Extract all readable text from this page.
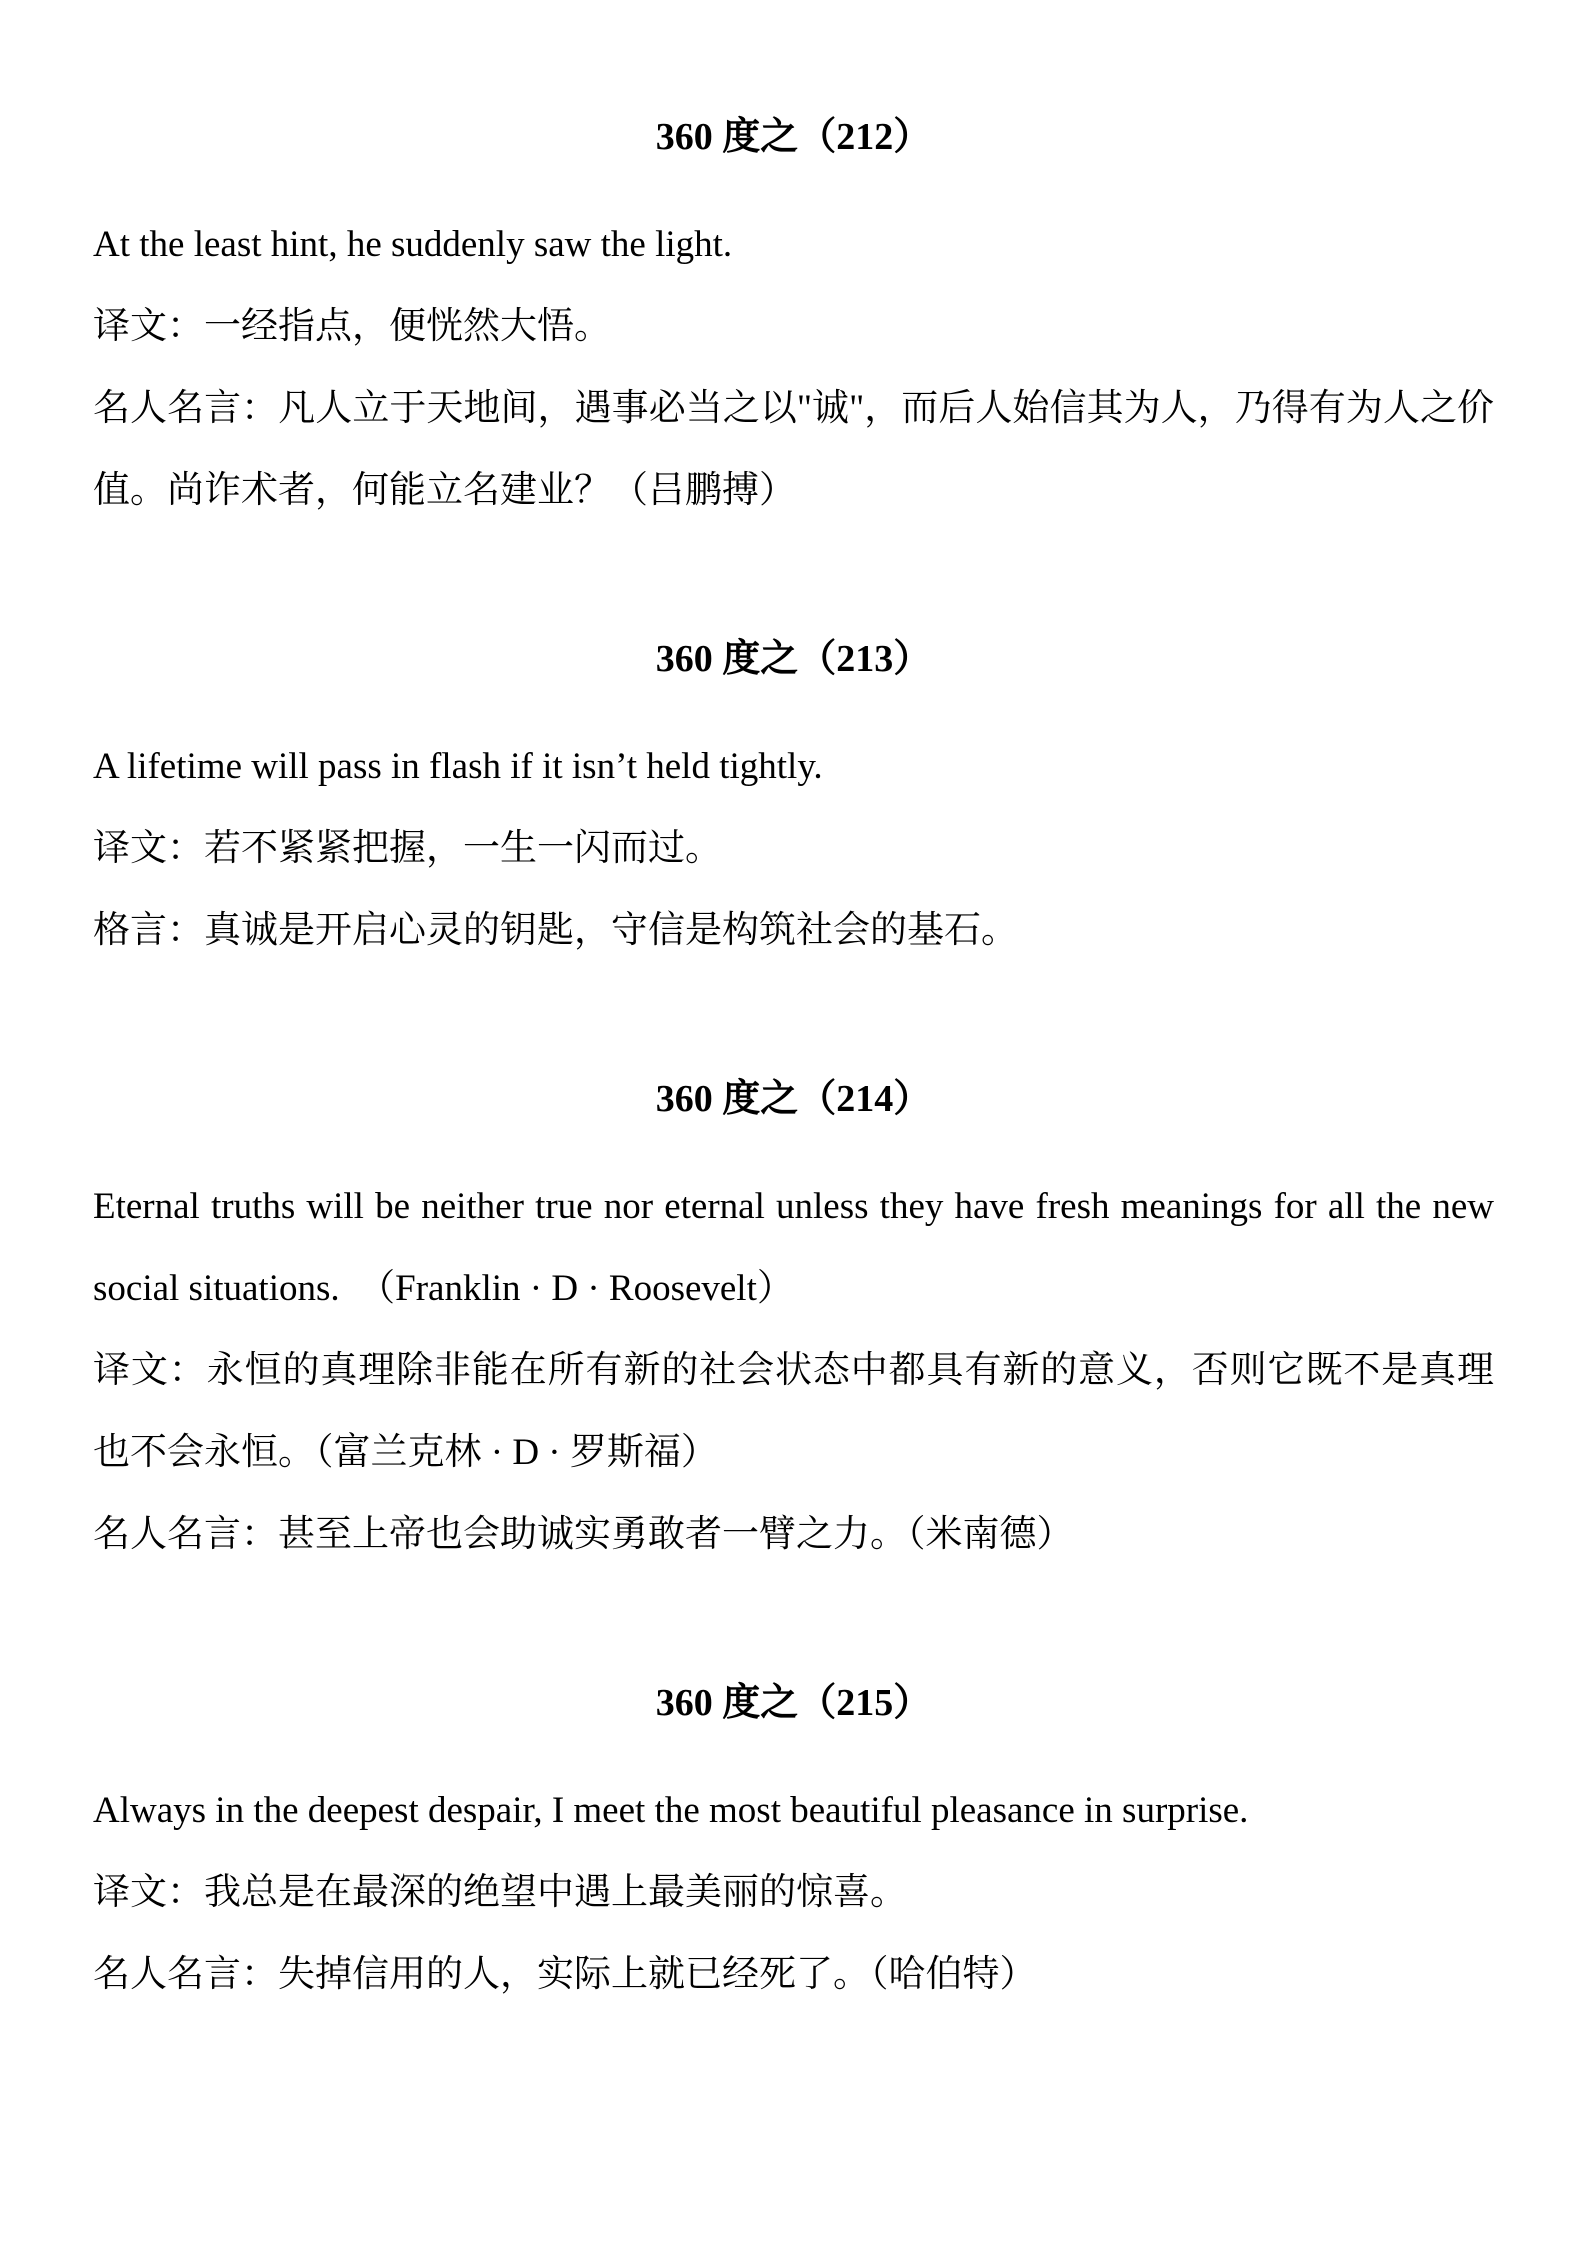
360 度之（212）

At the least hint, he suddenly saw the light.

译文：一经指点，便恍然大悟。

名人名言：凡人立于天地间，遇事必当之以"诚"，而后人始信其为人，乃得有为人之价值。尚诈术者，何能立名建业？（吕鹏搏）

360 度之（213）

A lifetime will pass in flash if it isn’t held tightly.

译文：若不紧紧把握，一生一闪而过。

格言：真诚是开启心灵的钥匙，守信是构筑社会的基石。

360 度之（214）

Eternal truths will be neither true nor eternal unless they have fresh meanings for all the new social situations.  （Franklin · D · Roosevelt）

译文：永恒的真理除非能在所有新的社会状态中都具有新的意义，否则它既不是真理也不会永恒。（富兰克林 · D · 罗斯福）

名人名言：甚至上帝也会助诚实勇敢者一臂之力。（米南德）

360 度之（215）

Always in the deepest despair, I meet the most beautiful pleasance in surprise.

译文：我总是在最深的绝望中遇上最美丽的惊喜。

名人名言：失掉信用的人，实际上就已经死了。（哈伯特）
